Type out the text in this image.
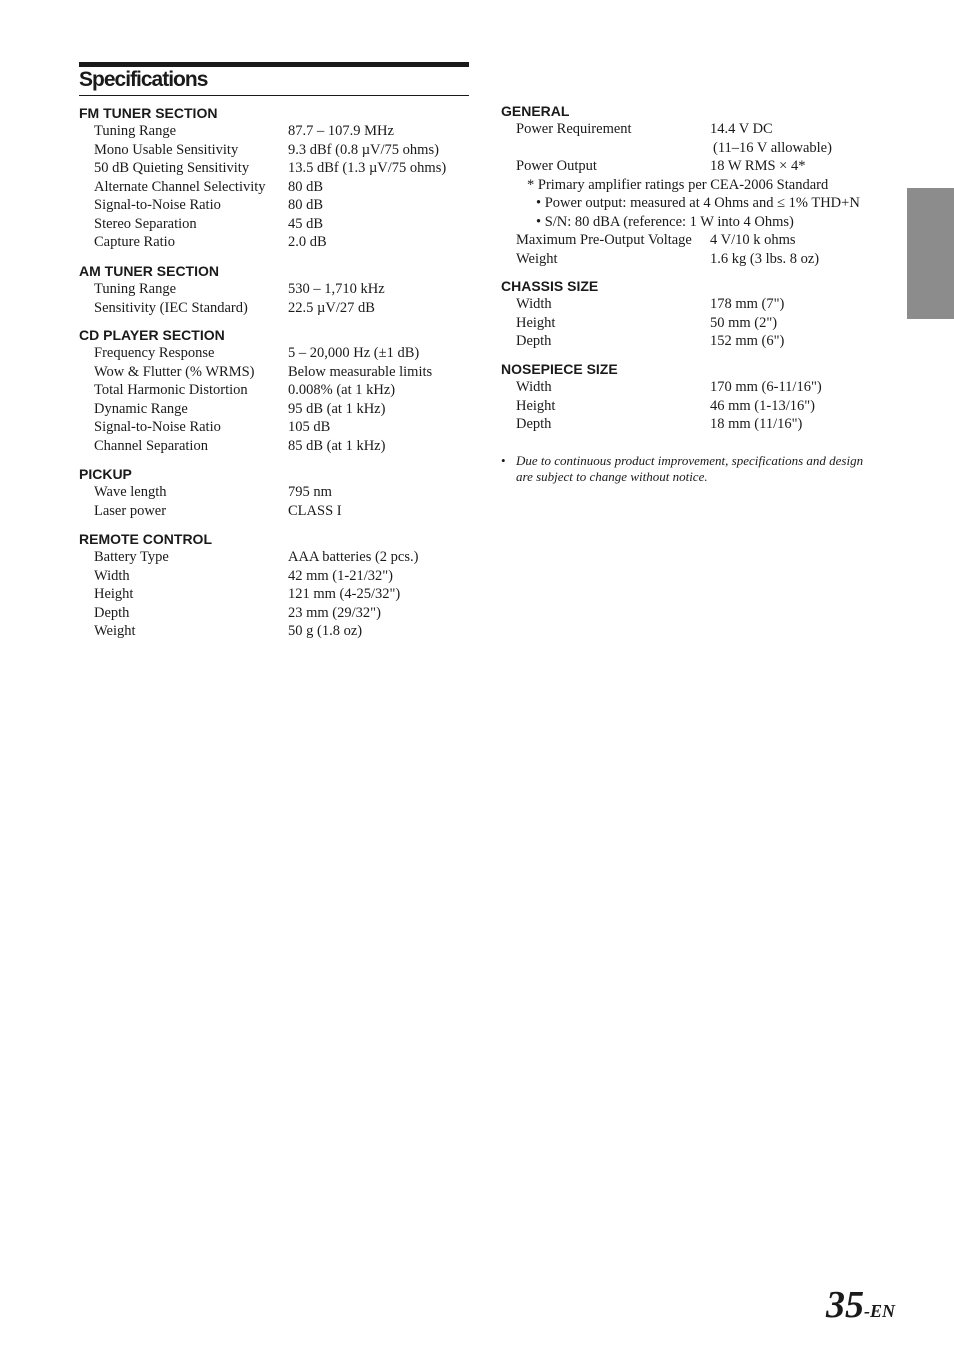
Specifications
FM TUNER SECTION
Tuning Range	87.7 – 107.9 MHz
Mono Usable Sensitivity	9.3 dBf (0.8 µV/75 ohms)
50 dB Quieting Sensitivity	13.5 dBf (1.3 µV/75 ohms)
Alternate Channel Selectivity 80 dB
Signal-to-Noise Ratio	80 dB
Stereo Separation	45 dB
Capture Ratio	2.0 dB
AM TUNER SECTION
Tuning Range	530 – 1,710 kHz
Sensitivity (IEC Standard)	22.5 µV/27 dB
CD PLAYER SECTION
Frequency Response	5 – 20,000 Hz (±1 dB)
Wow & Flutter (% WRMS) Below measurable limits
Total Harmonic Distortion	0.008% (at 1 kHz)
Dynamic Range	95 dB (at 1 kHz)
Signal-to-Noise Ratio	105 dB
Channel Separation	85 dB (at 1 kHz)
PICKUP
Wave length	795 nm
Laser power	CLASS I
REMOTE CONTROL
Battery Type	AAA batteries (2 pcs.)
Width	42 mm (1-21/32")
Height	121 mm (4-25/32")
Depth	23 mm (29/32")
Weight	50 g (1.8 oz)
GENERAL
Power Requirement	14.4 V DC
(11–16 V allowable)
Power Output	18 W RMS × 4*
* Primary amplifier ratings per CEA-2006 Standard
• Power output: measured at 4 Ohms and ≤ 1% THD+N
• S/N: 80 dBA (reference: 1 W into 4 Ohms)
Maximum Pre-Output Voltage 4 V/10 k ohms
Weight	1.6 kg (3 lbs. 8 oz)
CHASSIS SIZE
Width	178 mm (7")
Height	50 mm (2")
Depth	152 mm (6")
NOSEPIECE SIZE
Width	170 mm (6-11/16")
Height	46 mm (1-13/16")
Depth	18 mm (11/16")
• Due to continuous product improvement, specifications and design
are subject to change without notice.
35-EN
